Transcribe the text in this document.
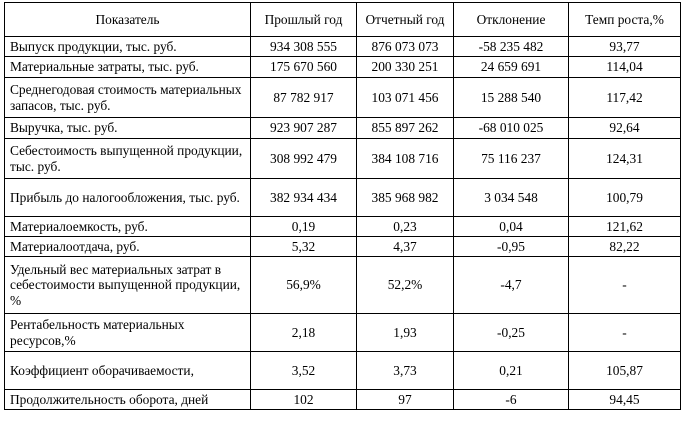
Показатель	Прошлый год	Отчетный год	Отклонение	Темп роста,%
Выпуск продукции, тыс. руб.	934 308 555	876 073 073	-58 235 482	93,77
Материальные затраты, тыс. руб.	175 670 560	200 330 251	24 659 691	114,04
Среднегодовая стоимость материальных запасов, тыс. руб.	87 782 917	103 071 456	15 288 540	117,42
Выручка, тыс. руб.	923 907 287	855 897 262	-68 010 025	92,64
Себестоимость выпущенной продукции, тыс. руб.	308 992 479	384 108 716	75 116 237	124,31
Прибыль до налогообложения, тыс. руб.	382 934 434	385 968 982	3 034 548	100,79
Материалоемкость, руб.	0,19	0,23	0,04	121,62
Материалоотдача, руб.	5,32	4,37	-0,95	82,22
Удельный вес материальных затрат в себестоимости выпущенной продукции, %	56,9%	52,2%	-4,7	-
Рентабельность материальных ресурсов,%	2,18	1,93	-0,25	-
Коэффициент оборачиваемости,	3,52	3,73	0,21	105,87
Продолжительность оборота, дней	102	97	-6	94,45
